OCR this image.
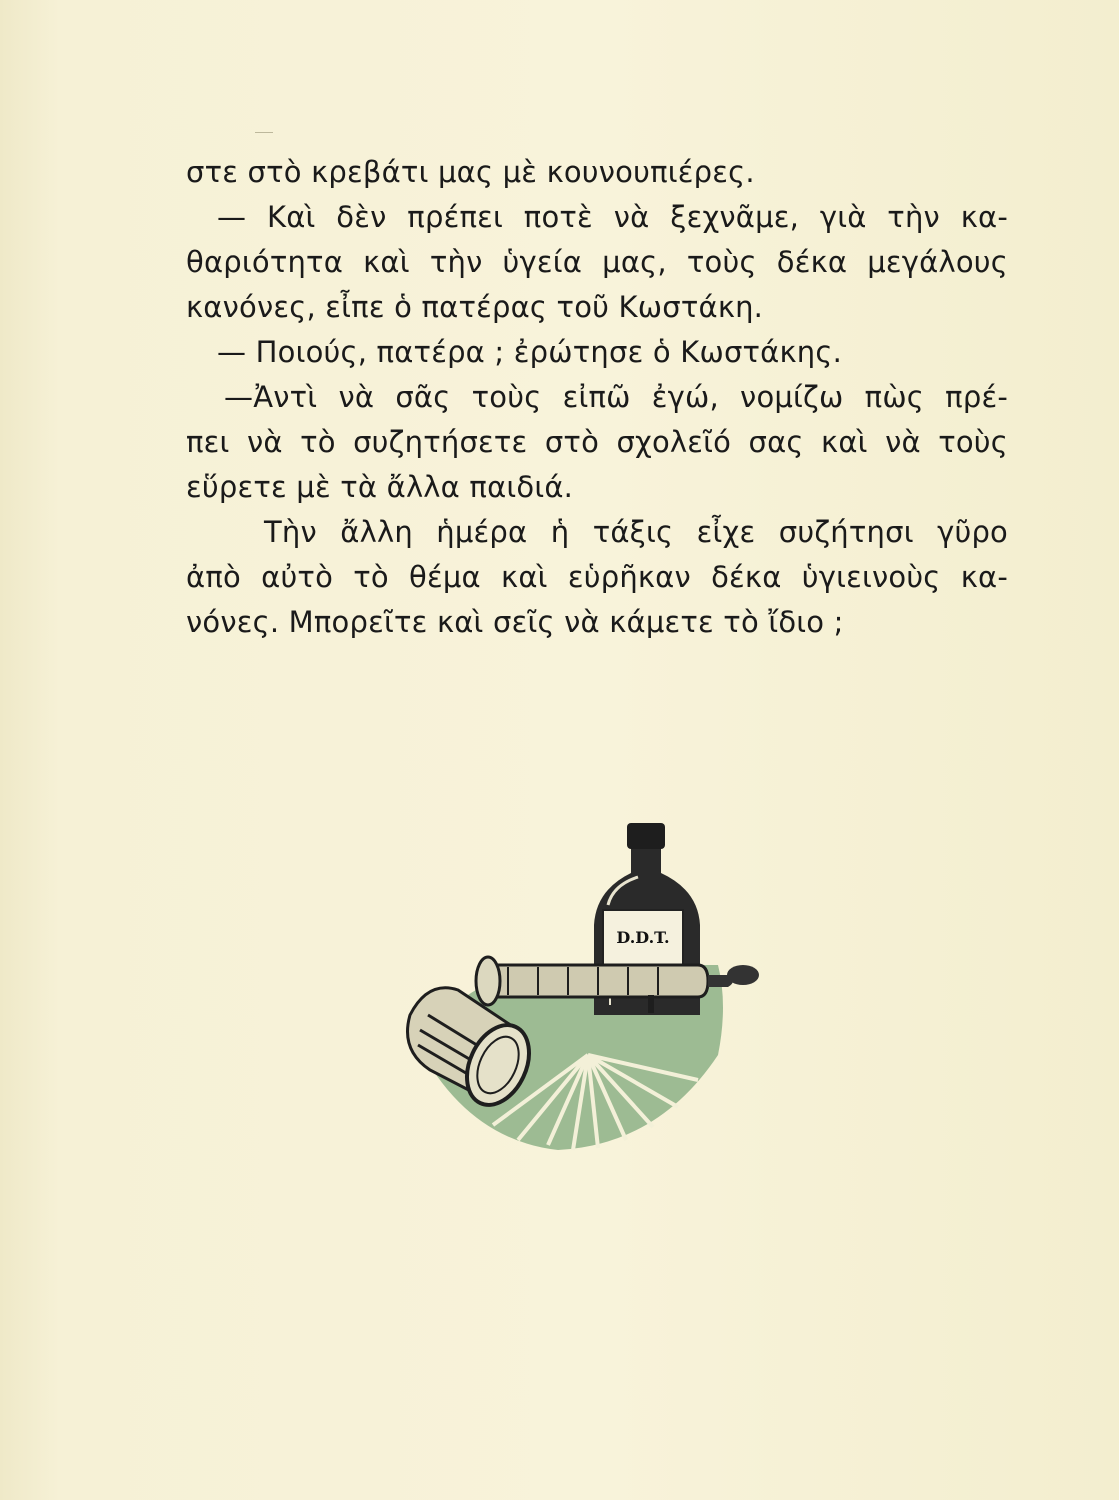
στε στὸ κρεβάτι μας μὲ κουνουπιέρες.
— Καὶ δὲν πρέπει ποτὲ νὰ ξεχνᾶμε, γιὰ τὴν κα-
θαριότητα καὶ τὴν ὑγεία μας, τοὺς δέκα μεγάλους
κανόνες, εἶπε ὁ πατέρας τοῦ Κωστάκη.
— Ποιούς, πατέρα ; ἐρώτησε ὁ Κωστάκης.
—Ἀντὶ νὰ σᾶς τοὺς εἰπῶ ἐγώ, νομίζω πὼς πρέ-
πει νὰ τὸ συζητήσετε στὸ σχολεῖό σας καὶ νὰ τοὺς
εὕρετε μὲ τὰ ἄλλα παιδιά.
Τὴν ἄλλη ἡμέρα ἡ τάξις εἶχε συζήτησι γῦρο
ἀπὸ αὐτὸ τὸ θέμα καὶ εὑρῆκαν δέκα ὑγιεινοὺς κα-
νόνες. Μπορεῖτε καὶ σεῖς νὰ κάμετε τὸ ἴδιο ;
D.D.T.
